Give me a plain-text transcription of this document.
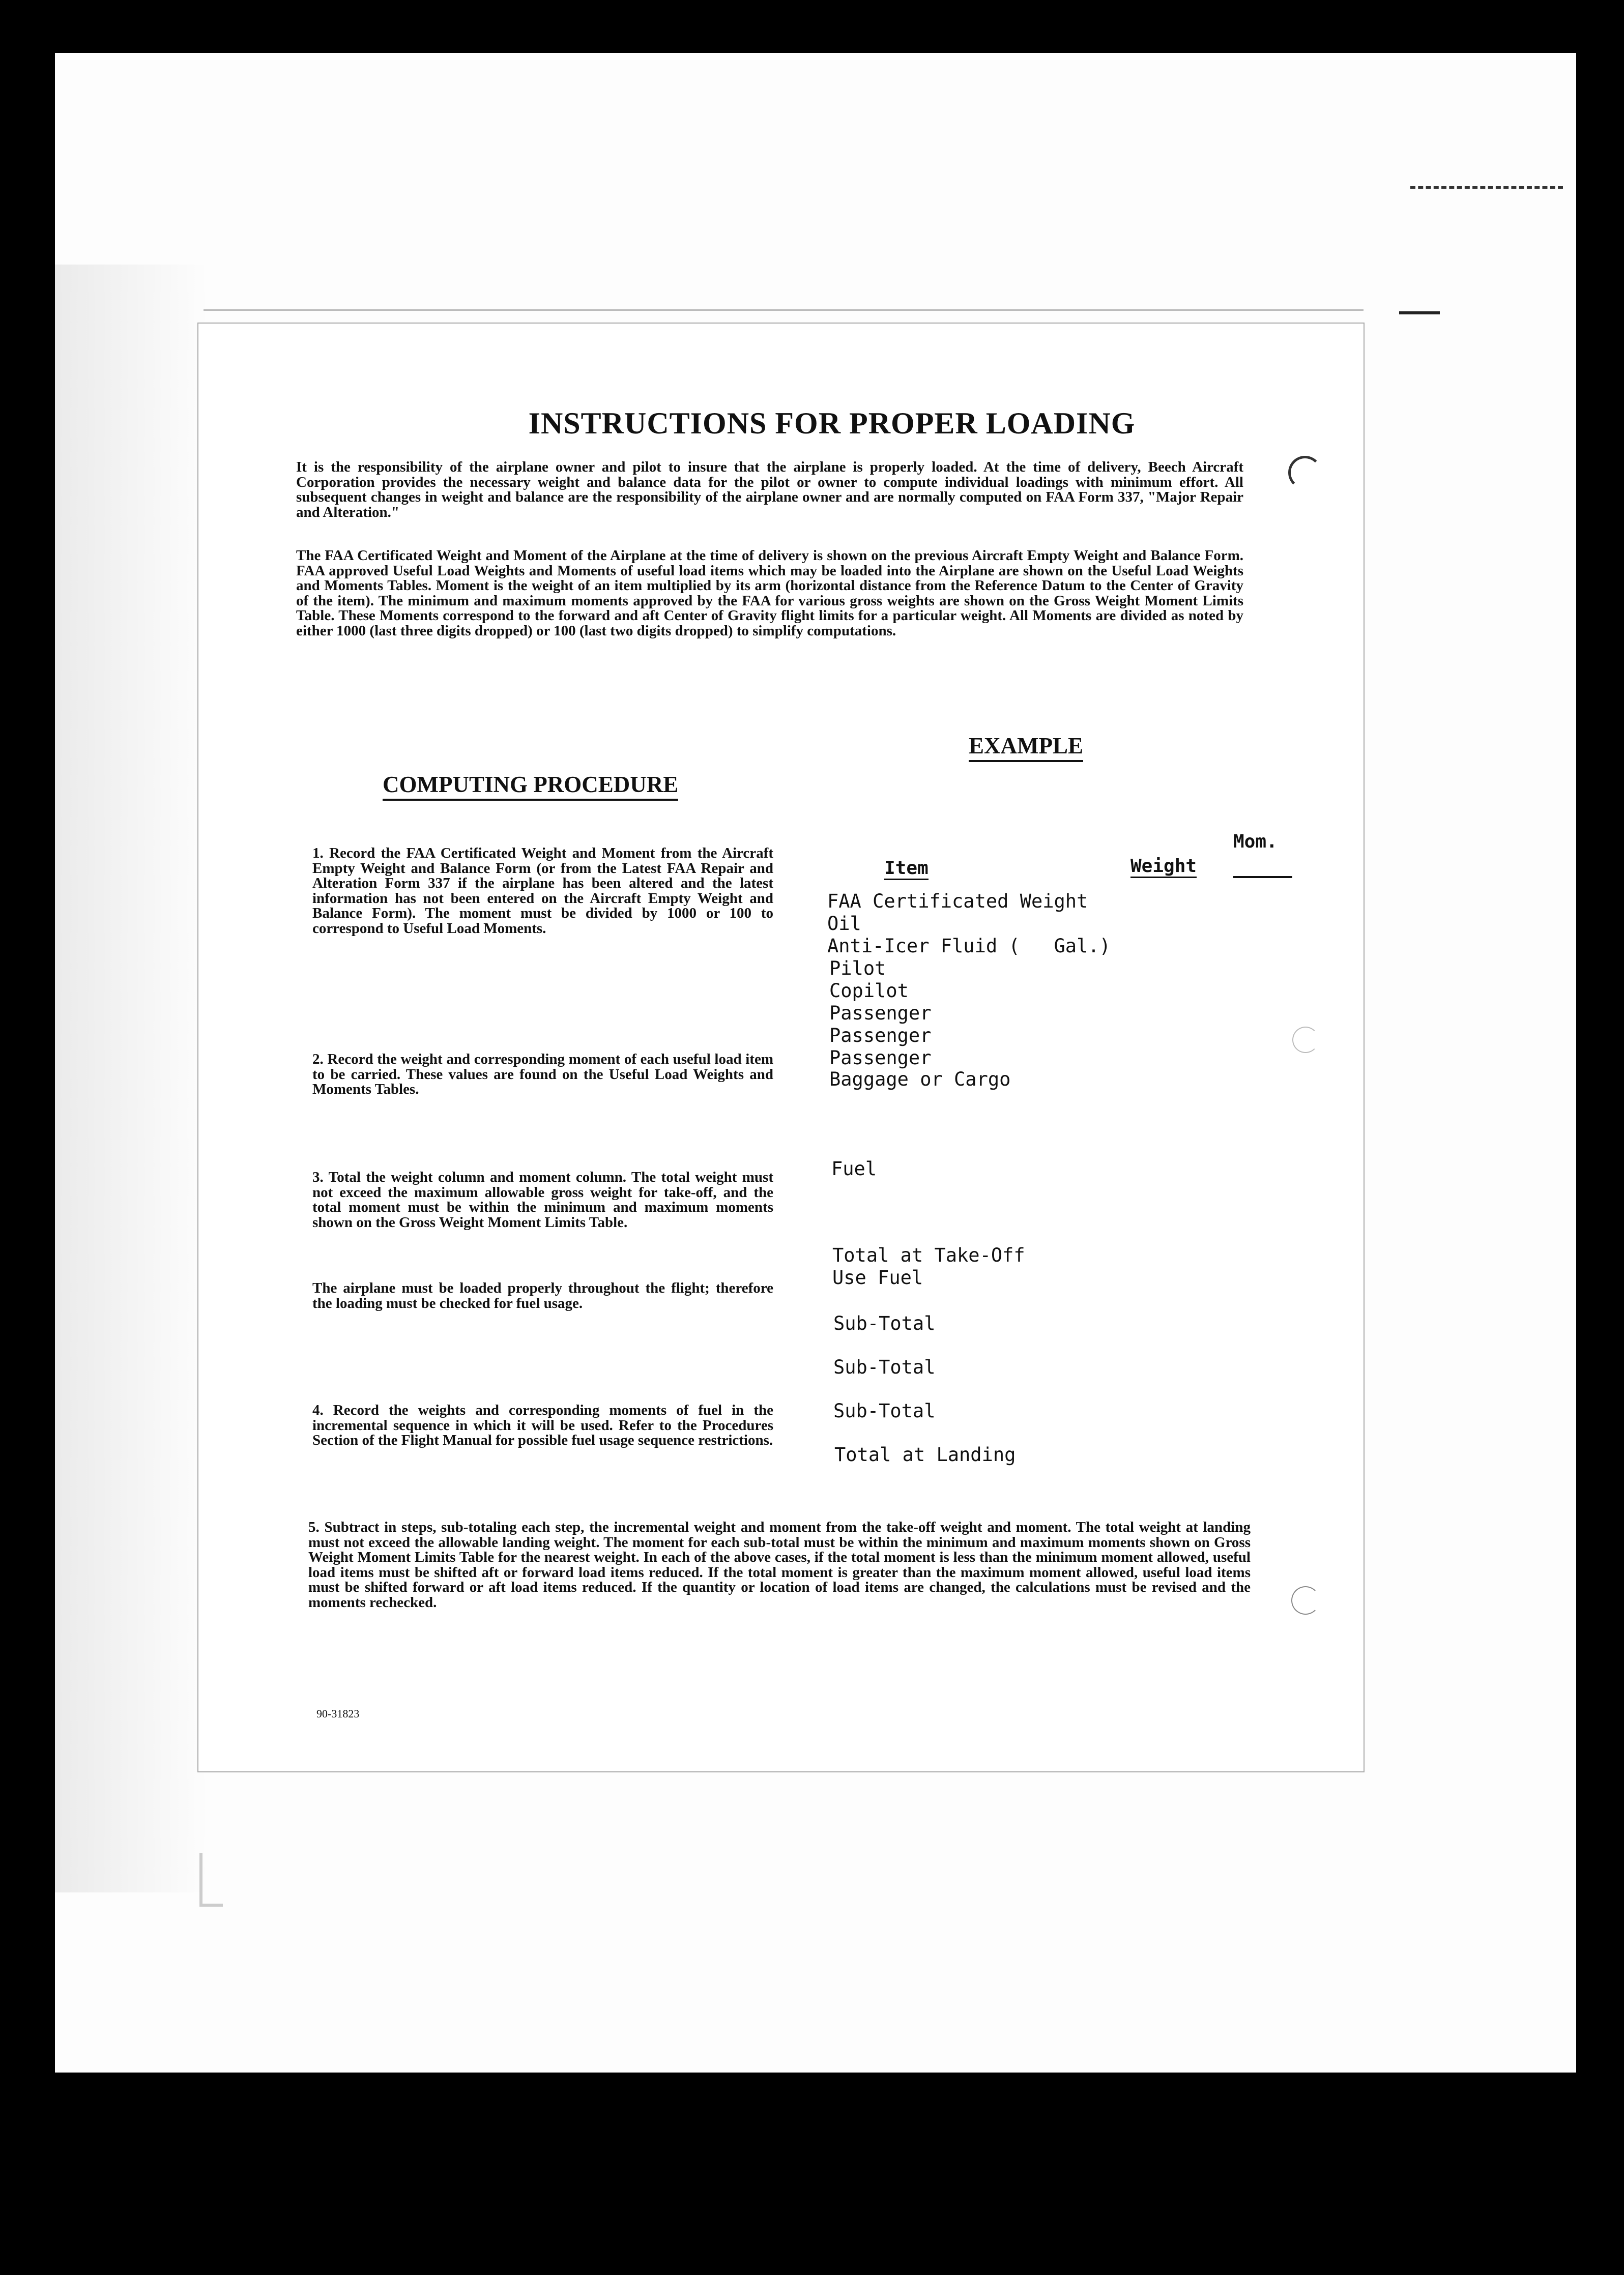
INSTRUCTIONS FOR PROPER LOADING
It is the responsibility of the airplane owner and pilot to insure that the airplane is properly loaded. At the time of delivery, Beech Aircraft Corporation provides the necessary weight and balance data for the pilot or owner to compute individual loadings with minimum effort. All subsequent changes in weight and balance are the responsibility of the airplane owner and are normally computed on FAA Form 337, "Major Repair and Alteration."
The FAA Certificated Weight and Moment of the Airplane at the time of delivery is shown on the previous Aircraft Empty Weight and Balance Form. FAA approved Useful Load Weights and Moments of useful load items which may be loaded into the Airplane are shown on the Useful Load Weights and Moments Tables. Moment is the weight of an item multiplied by its arm (horizontal distance from the Reference Datum to the Center of Gravity of the item). The minimum and maximum moments approved by the FAA for various gross weights are shown on the Gross Weight Moment Limits Table. These Moments correspond to the forward and aft Center of Gravity flight limits for a particular weight. All Moments are divided as noted by either 1000 (last three digits dropped) or 100 (last two digits dropped) to simplify computations.
EXAMPLE
COMPUTING PROCEDURE
1. Record the FAA Certificated Weight and Moment from the Aircraft Empty Weight and Balance Form (or from the Latest FAA Repair and Alteration Form 337 if the airplane has been altered and the latest information has not been entered on the Aircraft Empty Weight and Balance Form). The moment must be divided by 1000 or 100 to correspond to Useful Load Moments.
2. Record the weight and corresponding moment of each useful load item to be carried. These values are found on the Useful Load Weights and Moments Tables.
3. Total the weight column and moment column. The total weight must not exceed the maximum allowable gross weight for take-off, and the total moment must be within the minimum and maximum moments shown on the Gross Weight Moment Limits Table.
The airplane must be loaded properly throughout the flight; therefore the loading must be checked for fuel usage.
4. Record the weights and corresponding moments of fuel in the incremental sequence in which it will be used. Refer to the Procedures Section of the Flight Manual for possible fuel usage sequence restrictions.
5. Subtract in steps, sub-totaling each step, the incremental weight and moment from the take-off weight and moment. The total weight at landing must not exceed the allowable landing weight. The moment for each sub-total must be within the minimum and maximum moments shown on Gross Weight Moment Limits Table for the nearest weight. In each of the above cases, if the total moment is less than the minimum moment allowed, useful load items must be shifted aft or forward load items reduced. If the total moment is greater than the maximum moment allowed, useful load items must be shifted forward or aft load items reduced. If the quantity or location of load items are changed, the calculations must be revised and the moments rechecked.
Item	Weight
Mom.
FAA Certificated Weight
Oil
Anti-Icer Fluid (   Gal.)
Pilot
Copilot
Passenger
Passenger
Passenger
Baggage or Cargo
Fuel
Total at Take-Off
Use Fuel
Sub-Total
Sub-Total
Sub-Total
Total at Landing
90-31823
